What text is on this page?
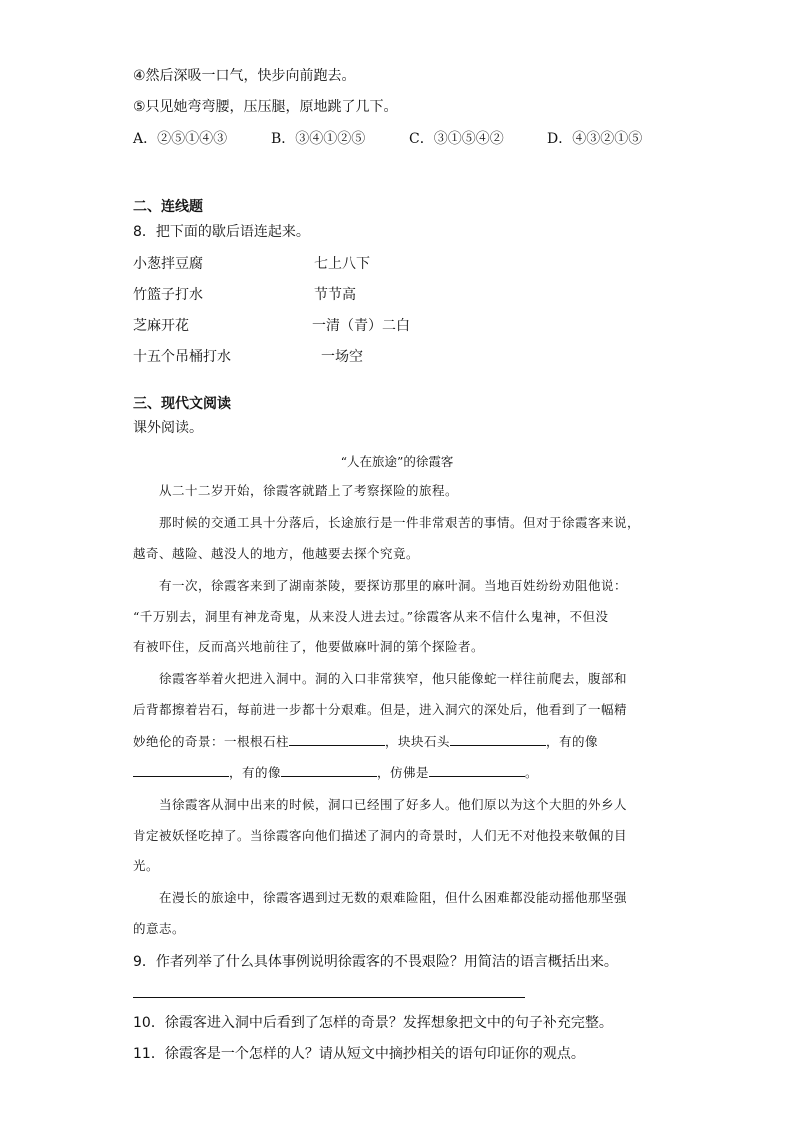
④然后深吸一口气，快步向前跑去。
⑤只见她弯弯腰，压压腿，原地跳了几下。
A．②⑤①④③	B．③④①②⑤	C．③①⑤④②	D．④③②①⑤
二、连线题
8．把下面的歇后语连起来。
小葱拌豆腐	七上八下
竹篮子打水	节节高
芝麻开花	一清（青）二白
十五个吊桶打水	一场空
三、现代文阅读
课外阅读。
“人在旅途”的徐霞客
从二十二岁开始，徐霞客就踏上了考察探险的旅程。
那时候的交通工具十分落后，长途旅行是一件非常艰苦的事情。但对于徐霞客来说，
越奇、越险、越没人的地方，他越要去探个究竟。
有一次，徐霞客来到了湖南茶陵，要探访那里的麻叶洞。当地百姓纷纷劝阻他说：
“千万别去，洞里有神龙奇鬼，从来没人进去过。”徐霞客从来不信什么鬼神，不但没
有被吓住，反而高兴地前往了，他要做麻叶洞的第个探险者。
徐霞客举着火把进入洞中。洞的入口非常狭窄，他只能像蛇一样往前爬去，腹部和
后背都擦着岩石，每前进一步都十分艰难。但是，进入洞穴的深处后，他看到了一幅精
妙绝伦的奇景：一根根石柱	，块块石头	，有的像
，有的像	，仿佛是	。
当徐霞客从洞中出来的时候，洞口已经围了好多人。他们原以为这个大胆的外乡人
肯定被妖怪吃掉了。当徐霞客向他们描述了洞内的奇景时，人们无不对他投来敬佩的目
光。
在漫长的旅途中，徐霞客遇到过无数的艰难险阻，但什么困难都没能动摇他那坚强
的意志。
9．作者列举了什么具体事例说明徐霞客的不畏艰险？用简洁的语言概括出来。
10．徐霞客进入洞中后看到了怎样的奇景？发挥想象把文中的句子补充完整。
11．徐霞客是一个怎样的人？请从短文中摘抄相关的语句印证你的观点。
